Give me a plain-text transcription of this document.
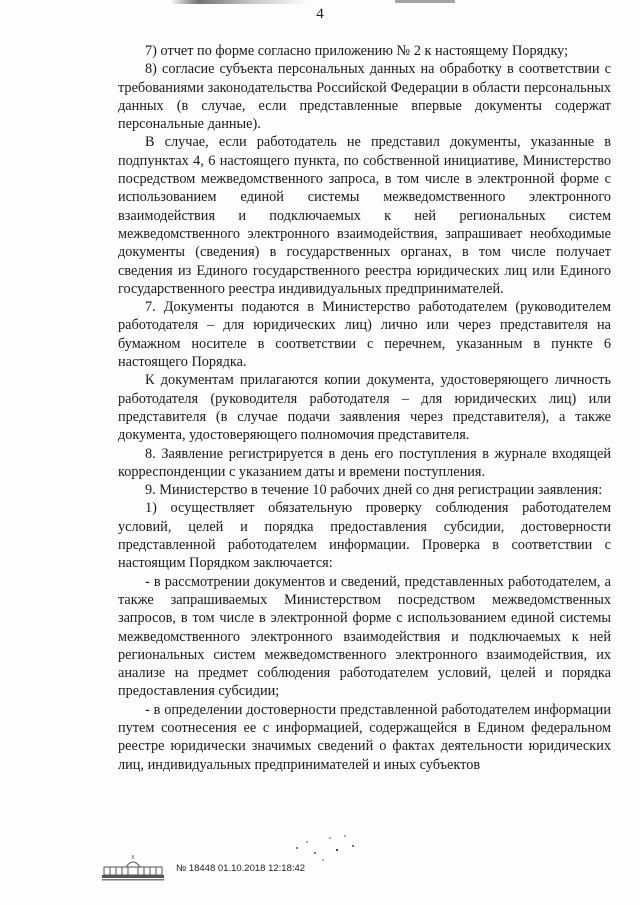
4

7) отчет по форме согласно приложению № 2 к настоящему Порядку;

8) согласие субъекта персональных данных на обработку в соответствии с требованиями законодательства Российской Федерации в области персональных данных (в случае, если представленные впервые документы содержат персональные данные).

В случае, если работодатель не представил документы, указанные в подпунктах 4, 6 настоящего пункта, по собственной инициативе, Министерство посредством межведомственного запроса, в том числе в электронной форме с использованием единой системы межведомственного электронного взаимодействия и подключаемых к ней региональных систем межведомственного электронного взаимодействия, запрашивает необходимые документы (сведения) в государственных органах, в том числе получает сведения из Единого государственного реестра юридических лиц или Единого государственного реестра индивидуальных предпринимателей.

7. Документы подаются в Министерство работодателем (руководителем работодателя – для юридических лиц) лично или через представителя на бумажном носителе в соответствии с перечнем, указанным в пункте 6 настоящего Порядка.

К документам прилагаются копии документа, удостоверяющего личность работодателя (руководителя работодателя – для юридических лиц) или представителя (в случае подачи заявления через представителя), а также документа, удостоверяющего полномочия представителя.

8. Заявление регистрируется в день его поступления в журнале входящей корреспонденции с указанием даты и времени поступления.

9. Министерство в течение 10 рабочих дней со дня регистрации заявления:

1) осуществляет обязательную проверку соблюдения работодателем условий, целей и порядка предоставления субсидии, достоверности представленной работодателем информации. Проверка в соответствии с настоящим Порядком заключается:

- в рассмотрении документов и сведений, представленных работодателем, а также запрашиваемых Министерством посредством межведомственных запросов, в том числе в электронной форме с использованием единой системы межведомственного электронного взаимодействия и подключаемых к ней региональных систем межведомственного электронного взаимодействия, их анализе на предмет соблюдения работодателем условий, целей и порядка предоставления субсидии;

- в определении достоверности представленной работодателем информации путем соотнесения ее с информацией, содержащейся в Едином федеральном реестре юридически значимых сведений о фактах деятельности юридических лиц, индивидуальных предпринимателей и иных субъектов

№ 18448 01.10.2018 12:18:42
